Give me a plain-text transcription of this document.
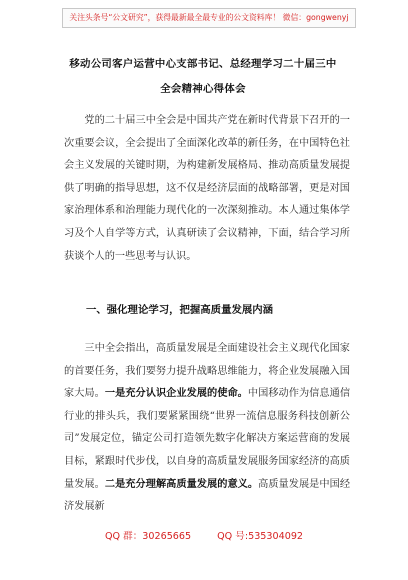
关注头条号“公文研究”，获得最新最全最专业的公文资料库！ 微信：gongwenyj
移动公司客户运营中心支部书记、总经理学习二十届三中
全会精神心得体会

党的二十届三中全会是中国共产党在新时代背景下召开的一次重要会议，全会提出了全面深化改革的新任务，在中国特色社会主义发展的关键时期，为构建新发展格局、推动高质量发展提供了明确的指导思想，这不仅是经济层面的战略部署，更是对国家治理体系和治理能力现代化的一次深刻推动。本人通过集体学习及个人自学等方式，认真研读了会议精神，下面，结合学习所获谈个人的一些思考与认识。

一、强化理论学习，把握高质量发展内涵

三中全会指出，高质量发展是全面建设社会主义现代化国家的首要任务，我们要努力提升战略思维能力，将企业发展融入国家大局。一是充分认识企业发展的使命。中国移动作为信息通信行业的排头兵，我们要紧紧围绕“世界一流信息服务科技创新公司”发展定位，锚定公司打造领先数字化解决方案运营商的发展目标，紧跟时代步伐，以自身的高质量发展服务国家经济的高质量发展。二是充分理解高质量发展的意义。高质量发展是中国经济发展新

QQ 群：30265665	QQ 号:535304092
